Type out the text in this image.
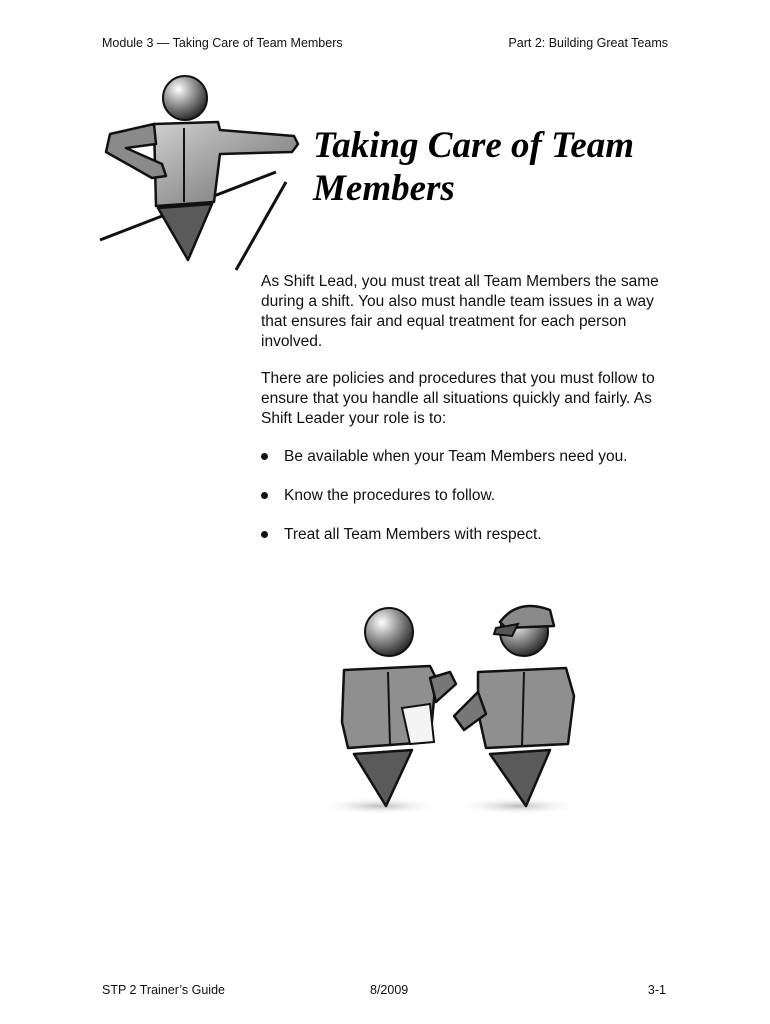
Module 3 — Taking Care of Team Members	Part 2: Building Great Teams
Taking Care of Team Members

As Shift Lead, you must treat all Team Members the same during a shift. You also must handle team issues in a way that ensures fair and equal treatment for each person involved.

There are policies and procedures that you must follow to ensure that you handle all situations quickly and fairly. As Shift Leader your role is to:

Be available when your Team Members need you.
Know the procedures to follow.
Treat all Team Members with respect.
STP 2 Trainer’s Guide	8/2009	3-1
